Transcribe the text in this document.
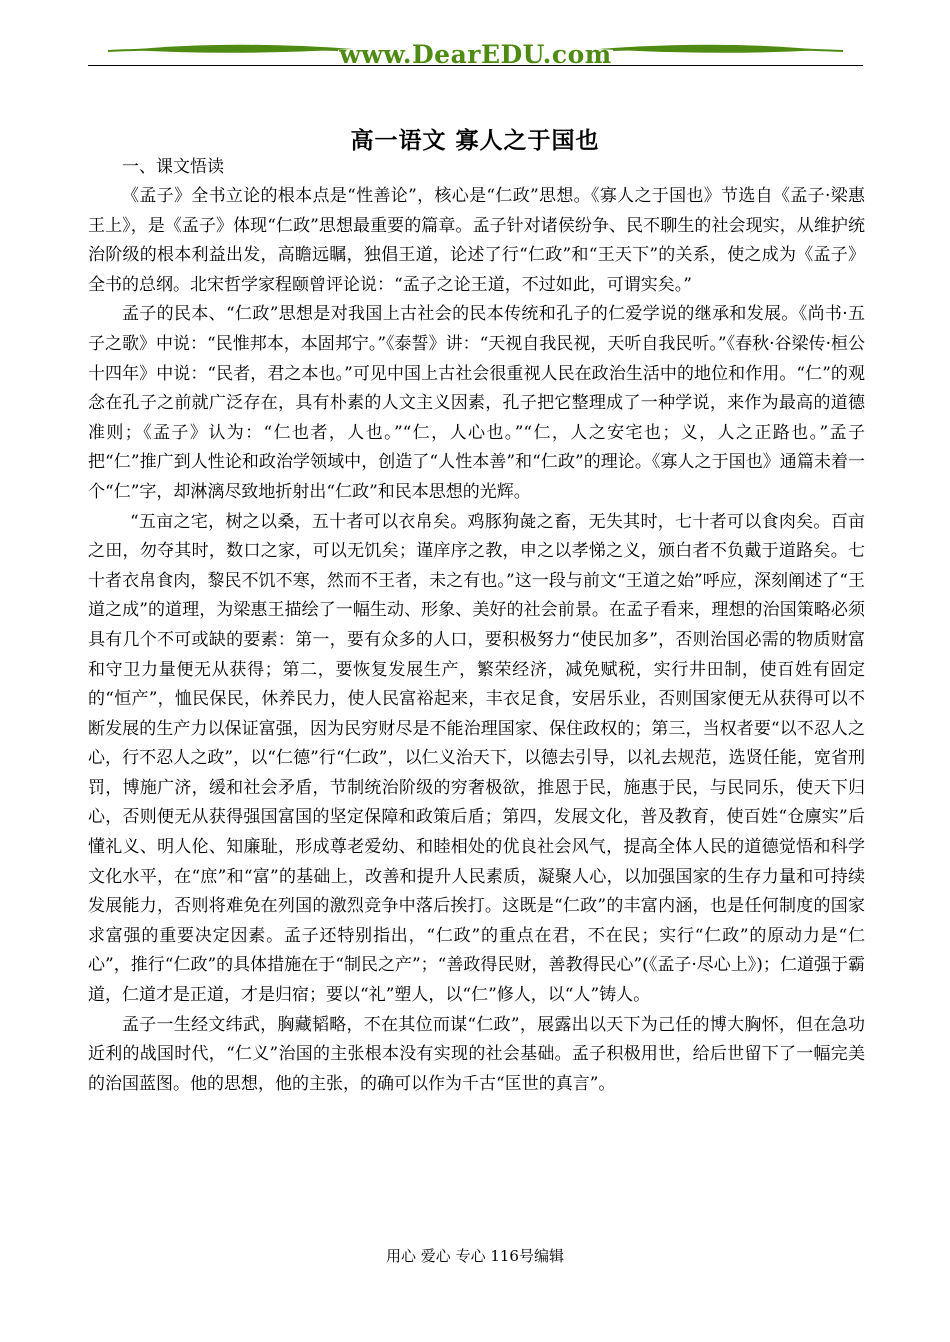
www.DearEDU.com
高一语文 寡人之于国也
一、课文悟读

《孟子》全书立论的根本点是“性善论”，核心是“仁政”思想。《寡人之于国也》节选自《孟子·梁惠王上》，是《孟子》体现“仁政”思想最重要的篇章。孟子针对诸侯纷争、民不聊生的社会现实，从维护统治阶级的根本利益出发，高瞻远瞩，独倡王道，论述了行“仁政”和“王天下”的关系，使之成为《孟子》全书的总纲。北宋哲学家程颐曾评论说：“孟子之论王道，不过如此，可谓实矣。”

孟子的民本、“仁政”思想是对我国上古社会的民本传统和孔子的仁爱学说的继承和发展。《尚书·五子之歌》中说：“民惟邦本，本固邦宁。”《泰誓》讲：“天视自我民视，天听自我民听。”《春秋·谷梁传·桓公十四年》中说：“民者，君之本也。”可见中国上古社会很重视人民在政治生活中的地位和作用。“仁”的观念在孔子之前就广泛存在，具有朴素的人文主义因素，孔子把它整理成了一种学说，来作为最高的道德准则；《孟子》认为：“仁也者，人也。”“仁，人心也。”“仁，人之安宅也；义，人之正路也。”孟子把“仁”推广到人性论和政治学领域中，创造了“人性本善”和“仁政”的理论。《寡人之于国也》通篇未着一个“仁”字，却淋漓尽致地折射出“仁政”和民本思想的光辉。

“五亩之宅，树之以桑，五十者可以衣帛矣。鸡豚狗彘之畜，无失其时，七十者可以食肉矣。百亩之田，勿夺其时，数口之家，可以无饥矣；谨庠序之教，申之以孝悌之义，颁白者不负戴于道路矣。七十者衣帛食肉，黎民不饥不寒，然而不王者，未之有也。”这一段与前文“王道之始”呼应，深刻阐述了“王道之成”的道理，为梁惠王描绘了一幅生动、形象、美好的社会前景。在孟子看来，理想的治国策略必须具有几个不可或缺的要素：第一，要有众多的人口，要积极努力“使民加多”，否则治国必需的物质财富和守卫力量便无从获得；第二，要恢复发展生产，繁荣经济，减免赋税，实行井田制，使百姓有固定的“恒产”，恤民保民，休养民力，使人民富裕起来，丰衣足食，安居乐业，否则国家便无从获得可以不断发展的生产力以保证富强，因为民穷财尽是不能治理国家、保住政权的；第三，当权者要“以不忍人之心，行不忍人之政”，以“仁德”行“仁政”，以仁义治天下，以德去引导，以礼去规范，选贤任能，宽省刑罚，博施广济，缓和社会矛盾，节制统治阶级的穷奢极欲，推恩于民，施惠于民，与民同乐，使天下归心，否则便无从获得强国富国的坚定保障和政策后盾；第四，发展文化，普及教育，使百姓“仓廪实”后懂礼义、明人伦、知廉耻，形成尊老爱幼、和睦相处的优良社会风气，提高全体人民的道德觉悟和科学文化水平，在“庶”和“富”的基础上，改善和提升人民素质，凝聚人心，以加强国家的生存力量和可持续发展能力，否则将难免在列国的激烈竞争中落后挨打。这既是“仁政”的丰富内涵，也是任何制度的国家求富强的重要决定因素。孟子还特别指出，“仁政”的重点在君，不在民；实行“仁政”的原动力是“仁心”，推行“仁政”的具体措施在于“制民之产”；“善政得民财，善教得民心”(《孟子·尽心上》)；仁道强于霸道，仁道才是正道，才是归宿；要以“礼”塑人，以“仁”修人，以“人”铸人。

孟子一生经文纬武，胸藏韬略，不在其位而谋“仁政”，展露出以天下为己任的博大胸怀，但在急功近利的战国时代，“仁义”治国的主张根本没有实现的社会基础。孟子积极用世，给后世留下了一幅完美的治国蓝图。他的思想，他的主张，的确可以作为千古“匡世的真言”。

用心 爱心 专心 116号编辑
